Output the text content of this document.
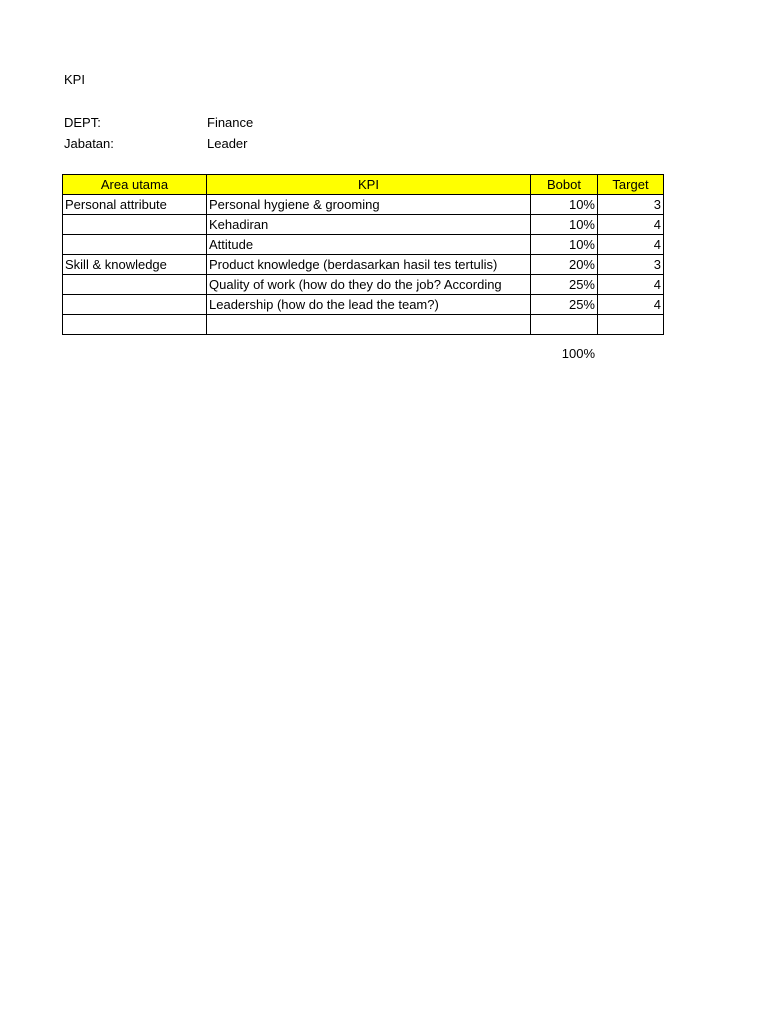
KPI
DEPT:	Finance
Jabatan:	Leader
Area utama	KPI	Bobot	Target
Personal attribute	Personal hygiene & grooming	10%	3
	Kehadiran	10%	4
	Attitude	10%	4
Skill & knowledge	Product knowledge (berdasarkan hasil tes tertulis)	20%	3
	Quality of work (how do they do the job? According	25%	4
	Leadership (how do the lead the team?)	25%	4

100%
